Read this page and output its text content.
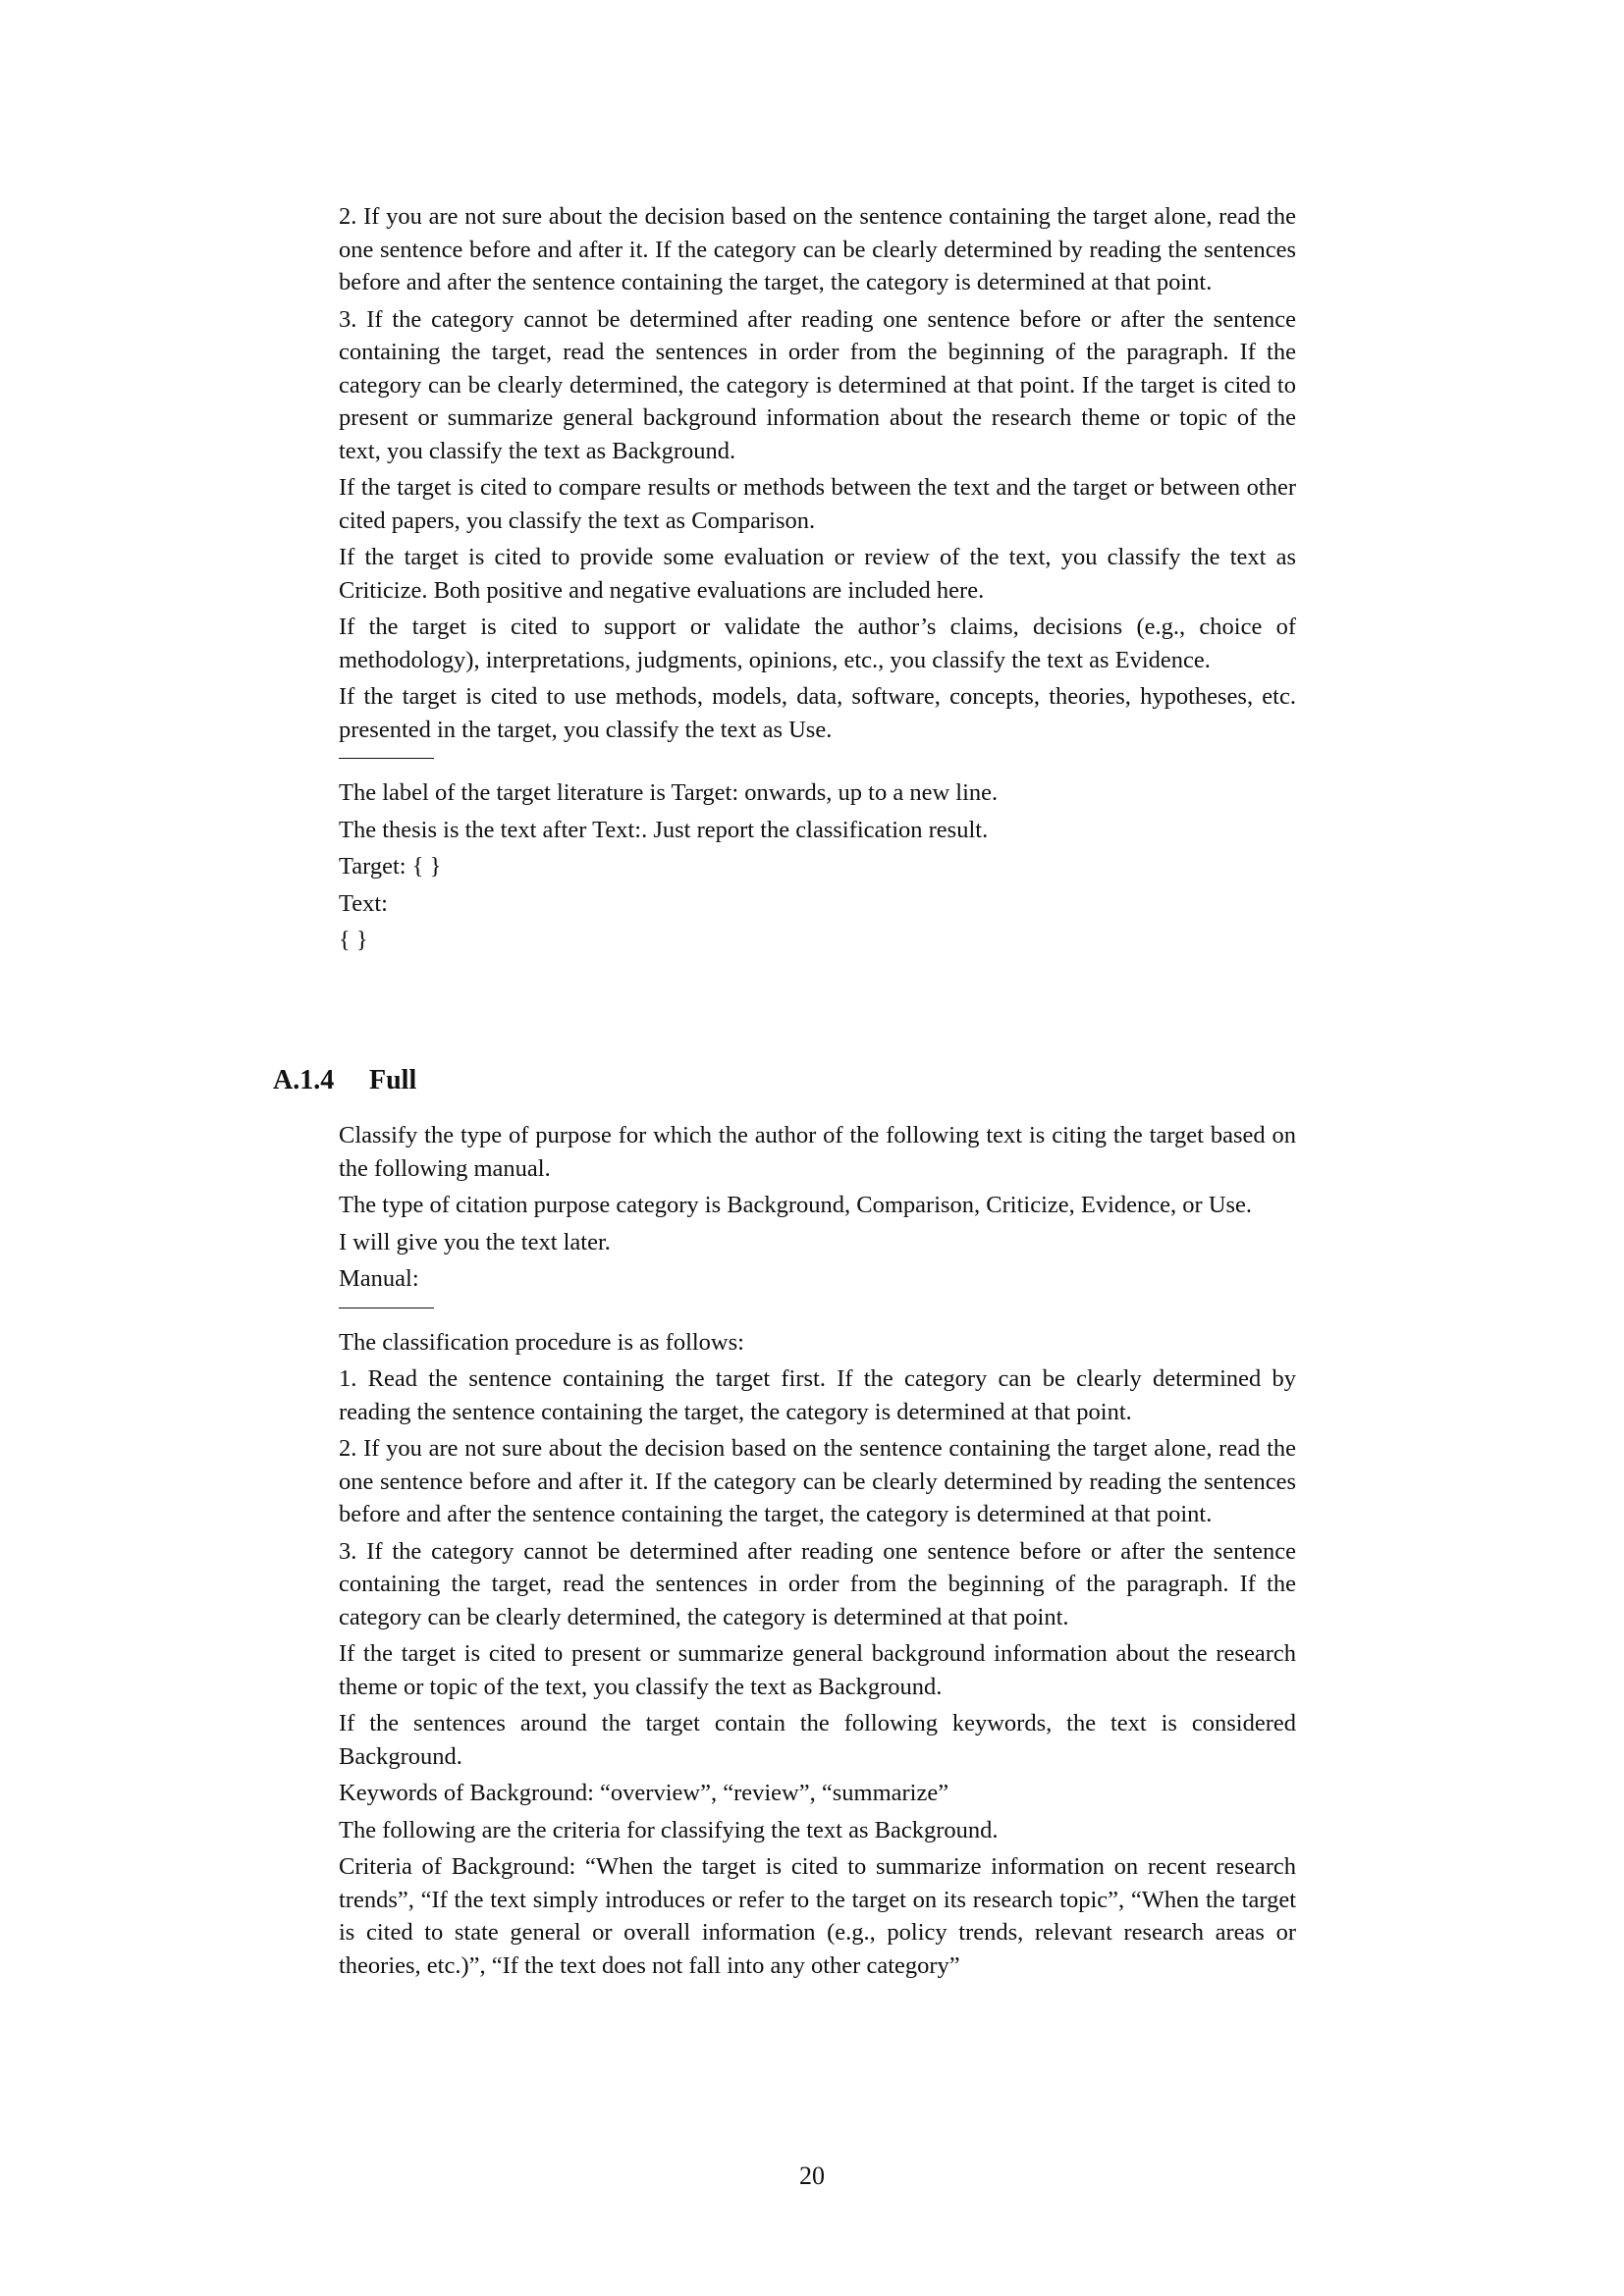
2. If you are not sure about the decision based on the sentence containing the target alone, read the one sentence before and after it. If the category can be clearly determined by reading the sentences before and after the sentence containing the target, the category is determined at that point.

3. If the category cannot be determined after reading one sentence before or after the sentence containing the target, read the sentences in order from the beginning of the paragraph. If the category can be clearly determined, the category is determined at that point. If the target is cited to present or summarize general background information about the research theme or topic of the text, you classify the text as Background.

If the target is cited to compare results or methods between the text and the target or between other cited papers, you classify the text as Comparison.

If the target is cited to provide some evaluation or review of the text, you classify the text as Criticize. Both positive and negative evaluations are included here.

If the target is cited to support or validate the author’s claims, decisions (e.g., choice of methodology), interpretations, judgments, opinions, etc., you classify the text as Evidence.

If the target is cited to use methods, models, data, software, concepts, theories, hypotheses, etc. presented in the target, you classify the text as Use.

The label of the target literature is Target: onwards, up to a new line.

The thesis is the text after Text:. Just report the classification result.

Target: { }

Text:

{ }

A.1.4 Full

Classify the type of purpose for which the author of the following text is citing the target based on the following manual.

The type of citation purpose category is Background, Comparison, Criticize, Evidence, or Use.

I will give you the text later.

Manual:

The classification procedure is as follows:

1. Read the sentence containing the target first. If the category can be clearly determined by reading the sentence containing the target, the category is determined at that point.

2. If you are not sure about the decision based on the sentence containing the target alone, read the one sentence before and after it. If the category can be clearly determined by reading the sentences before and after the sentence containing the target, the category is determined at that point.

3. If the category cannot be determined after reading one sentence before or after the sentence containing the target, read the sentences in order from the beginning of the paragraph. If the category can be clearly determined, the category is determined at that point.

If the target is cited to present or summarize general background information about the research theme or topic of the text, you classify the text as Background.

If the sentences around the target contain the following keywords, the text is considered Background.

Keywords of Background: “overview”, “review”, “summarize”

The following are the criteria for classifying the text as Background.

Criteria of Background: “When the target is cited to summarize information on recent research trends”, “If the text simply introduces or refer to the target on its research topic”, “When the target is cited to state general or overall information (e.g., policy trends, relevant research areas or theories, etc.)”, “If the text does not fall into any other category”

20
